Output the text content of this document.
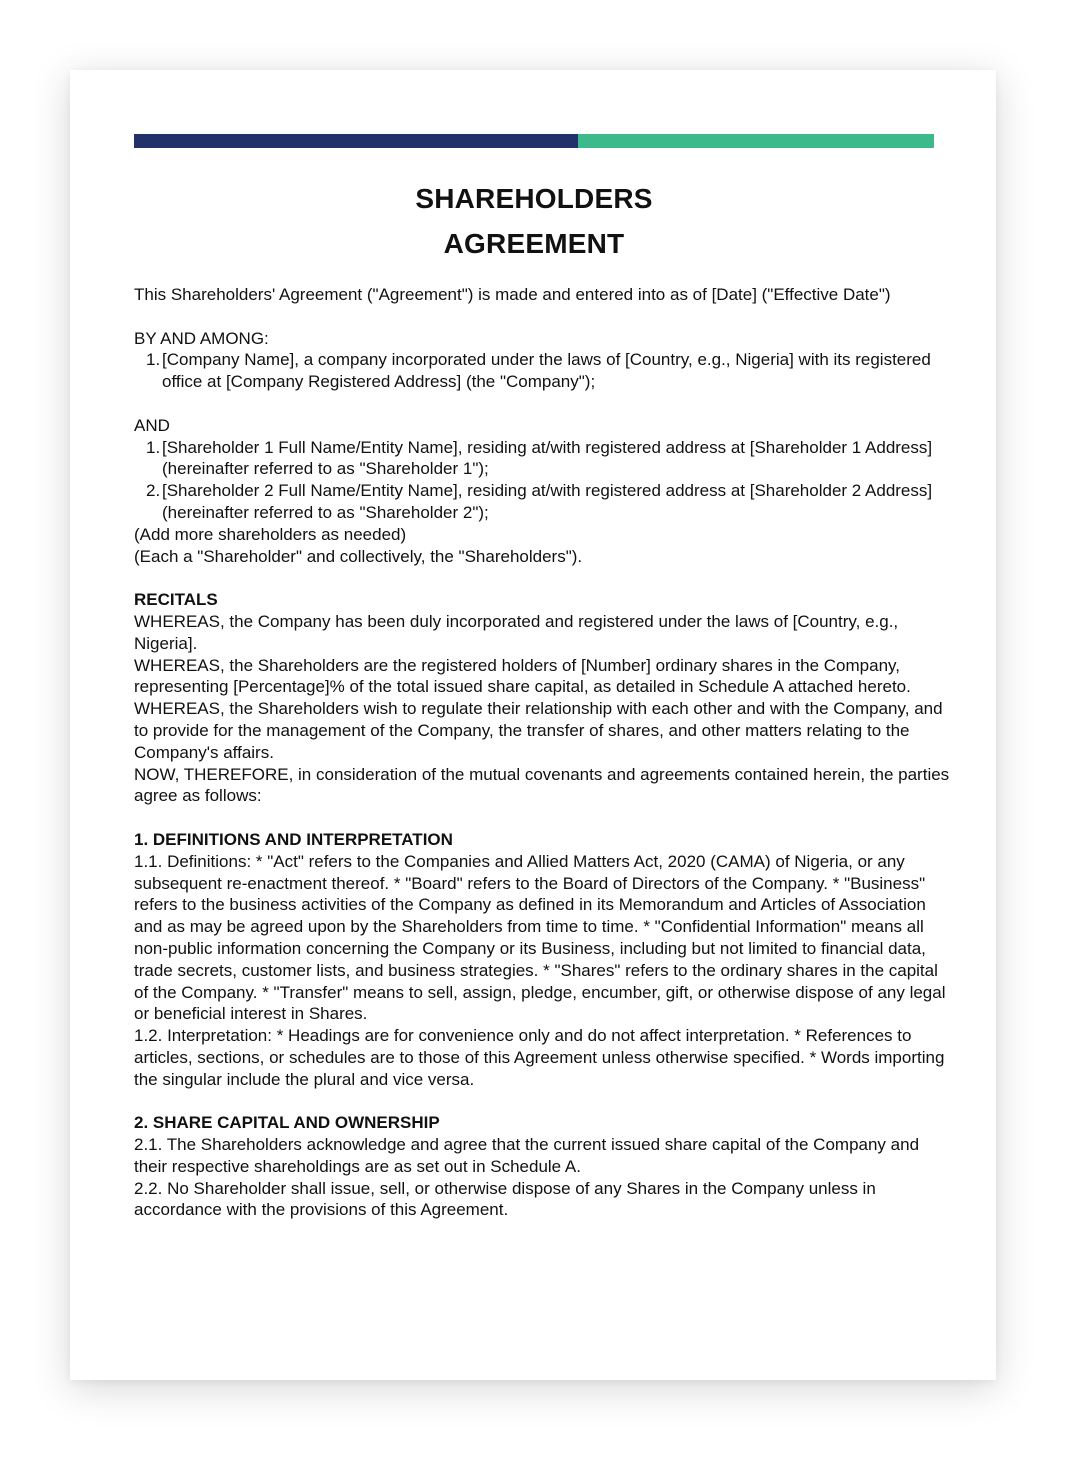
SHAREHOLDERS
AGREEMENT

This Shareholders' Agreement ("Agreement") is made and entered into as of [Date] ("Effective Date")

BY AND AMONG:

1. [Company Name], a company incorporated under the laws of [Country, e.g., Nigeria] with its registered office at [Company Registered Address] (the "Company");

AND

1. [Shareholder 1 Full Name/Entity Name], residing at/with registered address at [Shareholder 1 Address] (hereinafter referred to as "Shareholder 1");
2. [Shareholder 2 Full Name/Entity Name], residing at/with registered address at [Shareholder 2 Address] (hereinafter referred to as "Shareholder 2");

(Add more shareholders as needed)

(Each a "Shareholder" and collectively, the "Shareholders").

RECITALS

WHEREAS, the Company has been duly incorporated and registered under the laws of [Country, e.g., Nigeria].

WHEREAS, the Shareholders are the registered holders of [Number] ordinary shares in the Company, representing [Percentage]% of the total issued share capital, as detailed in Schedule A attached hereto.

WHEREAS, the Shareholders wish to regulate their relationship with each other and with the Company, and to provide for the management of the Company, the transfer of shares, and other matters relating to the Company's affairs.

NOW, THEREFORE, in consideration of the mutual covenants and agreements contained herein, the parties agree as follows:

1. DEFINITIONS AND INTERPRETATION

1.1. Definitions: * "Act" refers to the Companies and Allied Matters Act, 2020 (CAMA) of Nigeria, or any subsequent re-enactment thereof. * "Board" refers to the Board of Directors of the Company. * "Business" refers to the business activities of the Company as defined in its Memorandum and Articles of Association and as may be agreed upon by the Shareholders from time to time. * "Confidential Information" means all non-public information concerning the Company or its Business, including but not limited to financial data, trade secrets, customer lists, and business strategies. * "Shares" refers to the ordinary shares in the capital of the Company. * "Transfer" means to sell, assign, pledge, encumber, gift, or otherwise dispose of any legal or beneficial interest in Shares.

1.2. Interpretation: * Headings are for convenience only and do not affect interpretation. * References to articles, sections, or schedules are to those of this Agreement unless otherwise specified. * Words importing the singular include the plural and vice versa.

2. SHARE CAPITAL AND OWNERSHIP

2.1. The Shareholders acknowledge and agree that the current issued share capital of the Company and their respective shareholdings are as set out in Schedule A.

2.2. No Shareholder shall issue, sell, or otherwise dispose of any Shares in the Company unless in accordance with the provisions of this Agreement.
